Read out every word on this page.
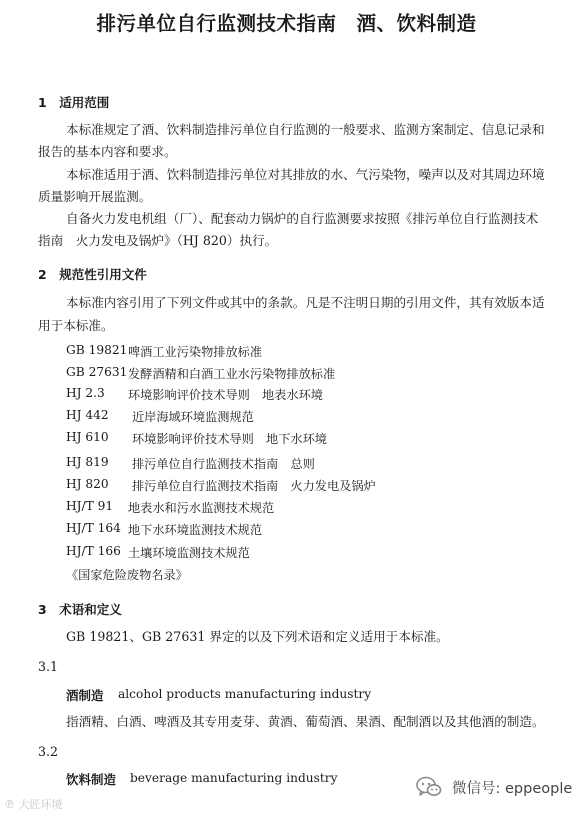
排污单位自行监测技术指南　酒、饮料制造
1　适用范围
本标准规定了酒、饮料制造排污单位自行监测的一般要求、监测方案制定、信息记录和
报告的基本内容和要求。
本标准适用于酒、饮料制造排污单位对其排放的水、气污染物，噪声以及对其周边环境
质量影响开展监测。
自备火力发电机组（厂）、配套动力锅炉的自行监测要求按照《排污单位自行监测技术
指南　火力发电及锅炉》（HJ 820）执行。
2　规范性引用文件
本标准内容引用了下列文件或其中的条款。凡是不注明日期的引用文件，其有效版本适
用于本标准。
GB 19821 啤酒工业污染物排放标准
GB 27631 发酵酒精和白酒工业水污染物排放标准
HJ 2.3 环境影响评价技术导则　地表水环境
HJ 442 近岸海域环境监测规范
HJ 610 环境影响评价技术导则　地下水环境
HJ 819 排污单位自行监测技术指南　总则
HJ 820 排污单位自行监测技术指南　火力发电及锅炉
HJ/T 91 地表水和污水监测技术规范
HJ/T 164 地下水环境监测技术规范
HJ/T 166 土壤环境监测技术规范
《国家危险废物名录》
3　术语和定义
GB 19821、GB 27631 界定的以及下列术语和定义适用于本标准。
3.1
酒制造 alcohol products manufacturing industry
指酒精、白酒、啤酒及其专用麦芽、黄酒、葡萄酒、果酒、配制酒以及其他酒的制造。
3.2
饮料制造 beverage manufacturing industry
℗ 大匠环境
微信号: eppeople
